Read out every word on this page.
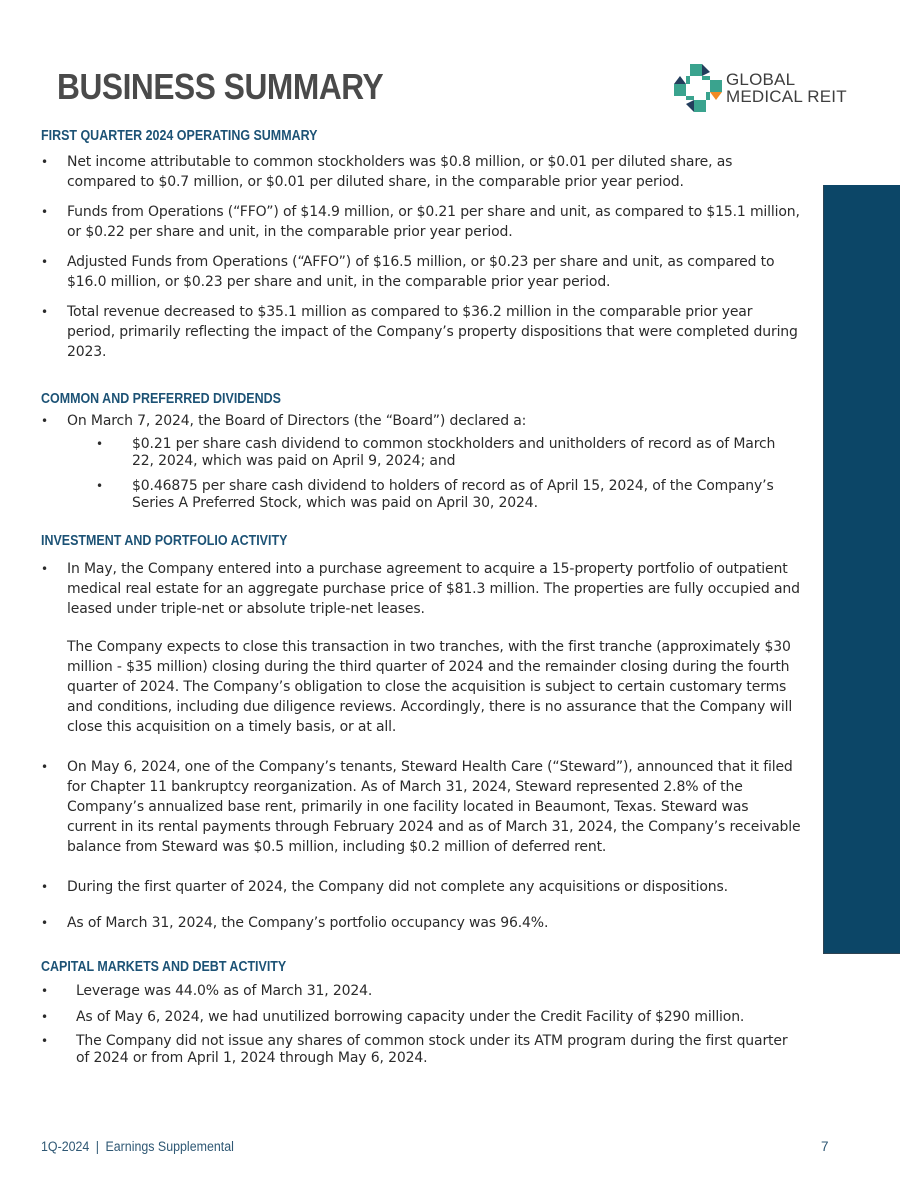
BUSINESS SUMMARY	GLOBAL
MEDICAL REIT
FIRST QUARTER 2024 OPERATING SUMMARY
• Net income attributable to common stockholders was $0.8 million, or $0.01 per diluted share, as compared to $0.7 million, or $0.01 per diluted share, in the comparable prior year period.
• Funds from Operations (“FFO”) of $14.9 million, or $0.21 per share and unit, as compared to $15.1 million, or $0.22 per share and unit, in the comparable prior year period.
• Adjusted Funds from Operations (“AFFO”) of $16.5 million, or $0.23 per share and unit, as compared to $16.0 million, or $0.23 per share and unit, in the comparable prior year period.
• Total revenue decreased to $35.1 million as compared to $36.2 million in the comparable prior year period, primarily reflecting the impact of the Company’s property dispositions that were completed during 2023.
COMMON AND PREFERRED DIVIDENDS
• On March 7, 2024, the Board of Directors (the “Board”) declared a:
• $0.21 per share cash dividend to common stockholders and unitholders of record as of March 22, 2024, which was paid on April 9, 2024; and
• $0.46875 per share cash dividend to holders of record as of April 15, 2024, of the Company’s Series A Preferred Stock, which was paid on April 30, 2024.
INVESTMENT AND PORTFOLIO ACTIVITY
• In May, the Company entered into a purchase agreement to acquire a 15-property portfolio of outpatient medical real estate for an aggregate purchase price of $81.3 million. The properties are fully occupied and leased under triple-net or absolute triple-net leases.
The Company expects to close this transaction in two tranches, with the first tranche (approximately $30 million - $35 million) closing during the third quarter of 2024 and the remainder closing during the fourth quarter of 2024. The Company’s obligation to close the acquisition is subject to certain customary terms and conditions, including due diligence reviews. Accordingly, there is no assurance that the Company will close this acquisition on a timely basis, or at all.
• On May 6, 2024, one of the Company’s tenants, Steward Health Care (“Steward”), announced that it filed for Chapter 11 bankruptcy reorganization. As of March 31, 2024, Steward represented 2.8% of the Company’s annualized base rent, primarily in one facility located in Beaumont, Texas. Steward was current in its rental payments through February 2024 and as of March 31, 2024, the Company’s receivable balance from Steward was $0.5 million, including $0.2 million of deferred rent.
• During the first quarter of 2024, the Company did not complete any acquisitions or dispositions.
• As of March 31, 2024, the Company’s portfolio occupancy was 96.4%.
CAPITAL MARKETS AND DEBT ACTIVITY
• Leverage was 44.0% as of March 31, 2024.
• As of May 6, 2024, we had unutilized borrowing capacity under the Credit Facility of $290 million.
• The Company did not issue any shares of common stock under its ATM program during the first quarter of 2024 or from April 1, 2024 through May 6, 2024.
1Q-2024 | Earnings Supplemental	7
